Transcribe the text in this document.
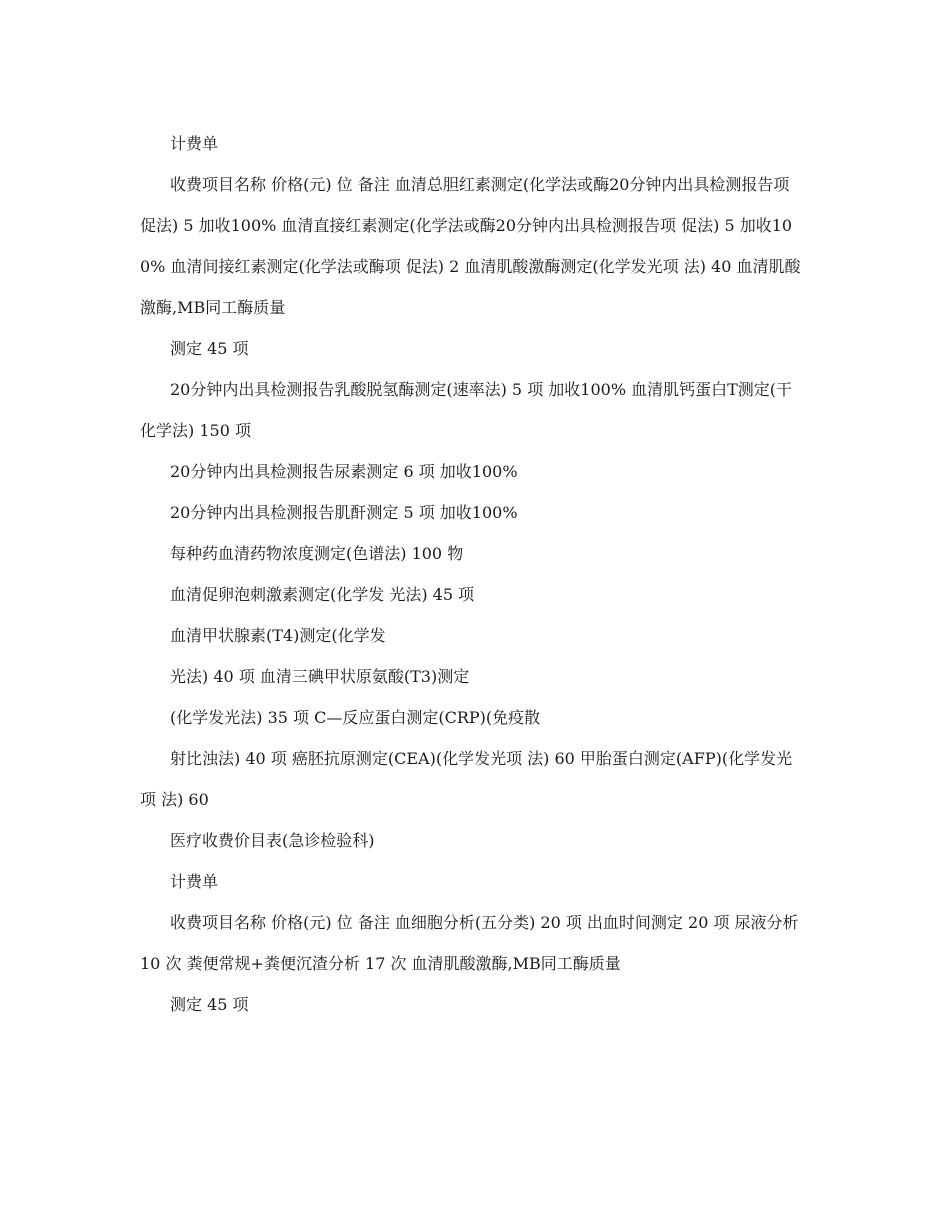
计费单

收费项目名称 价格(元) 位 备注 血清总胆红素测定(化学法或酶20分钟内出具检测报告项 促法) 5 加收100% 血清直接红素测定(化学法或酶20分钟内出具检测报告项 促法) 5 加收100% 血清间接红素测定(化学法或酶项 促法) 2 血清肌酸激酶测定(化学发光项 法) 40 血清肌酸激酶,MB同工酶质量

测定 45 项

20分钟内出具检测报告乳酸脱氢酶测定(速率法) 5 项 加收100% 血清肌钙蛋白T测定(干化学法) 150 项

20分钟内出具检测报告尿素测定 6 项 加收100%

20分钟内出具检测报告肌酐测定 5 项 加收100%

每种药血清药物浓度测定(色谱法) 100 物

血清促卵泡刺激素测定(化学发 光法) 45 项

血清甲状腺素(T4)测定(化学发

光法) 40 项 血清三碘甲状原氨酸(T3)测定

(化学发光法) 35 项 C—反应蛋白测定(CRP)(免疫散

射比浊法) 40 项 癌胚抗原测定(CEA)(化学发光项 法) 60 甲胎蛋白测定(AFP)(化学发光项 法) 60

医疗收费价目表(急诊检验科)

计费单

收费项目名称 价格(元) 位 备注 血细胞分析(五分类) 20 项 出血时间测定 20 项 尿液分析 10 次 粪便常规+粪便沉渣分析 17 次 血清肌酸激酶,MB同工酶质量

测定 45 项
